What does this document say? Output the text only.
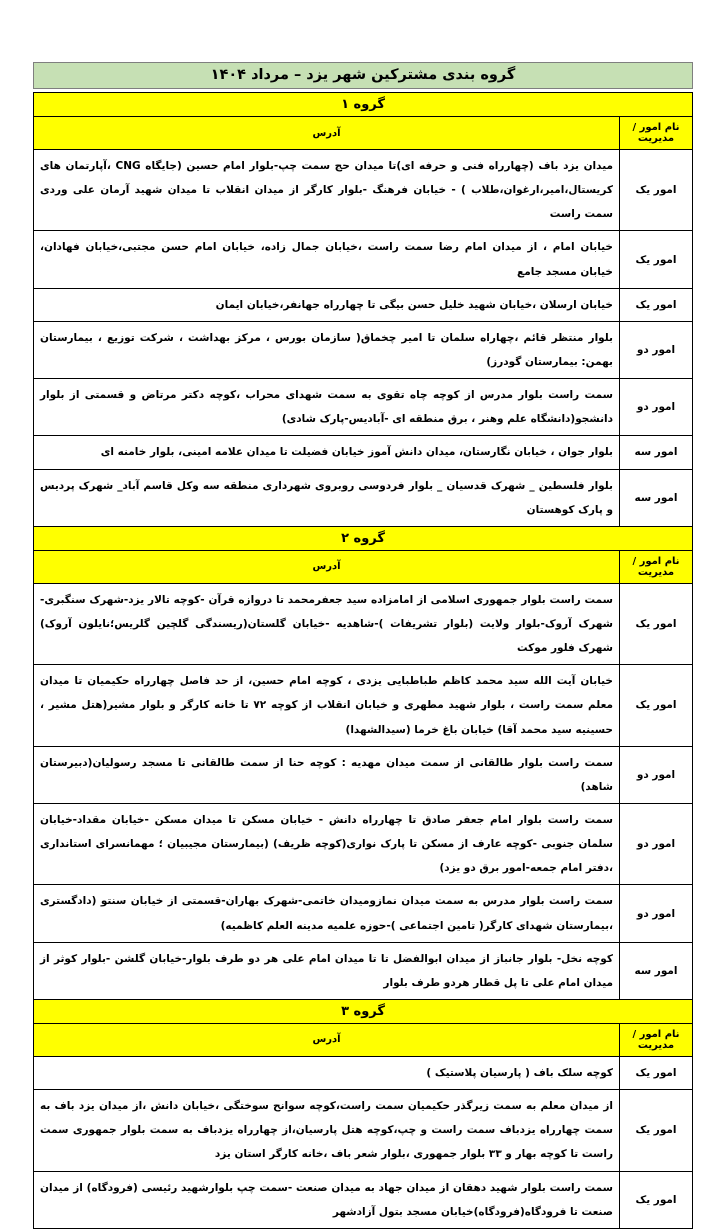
گروه بندی مشترکین شهر یزد – مرداد ۱۴۰۴
گروه ۱	
نام امور /مدیریت	آدرس
امور یک	میدان یزد باف (چهارراه فنی و حرفه ای)تا میدان حج سمت چپ-بلوار امام حسین (جایگاه CNG ،آپارتمان های کریستال،امیر،ارغوان،طلاب ) - خیابان فرهنگ -بلوار کارگر از میدان انقلاب تا میدان شهید آرمان علی وردی سمت راست
امور یک	خیابان امام ، از میدان امام رضا سمت راست ،خیابان جمال زاده، خیابان امام حسن مجتبی،خیابان فهادان، خیابان مسجد جامع
امور یک	خیابان ارسلان ،خیابان شهید خلیل حسن بیگی تا چهارراه جهانفر،خیابان ایمان
امور دو	بلوار منتظر قائم ،چهاراه سلمان تا امیر چخماق( سازمان بورس ، مرکز بهداشت ، شرکت توزیع ، بیمارستان بهمن: بیمارستان گودرز)
امور دو	سمت راست بلوار مدرس از کوچه چاه تقوی به سمت شهدای محراب ،کوچه دکتر مرتاض و قسمتی از بلوار دانشجو(دانشگاه علم وهنر ، برق منطقه ای -آبادیس-پارک شادی)
امور سه	بلوار جوان ، خیابان نگارستان، میدان دانش آموز خیابان فضیلت تا میدان علامه امینی، بلوار خامنه ای
امور سه	بلوار فلسطین _ شهرک قدسیان _ بلوار فردوسی روبروی شهرداری منطقه سه وکل قاسم آباد_ شهرک پردیس و پارک کوهستان
گروه ۲	
نام امور /مدیریت	آدرس
امور یک	سمت راست بلوار جمهوری اسلامی از امامزاده سید جعفرمحمد تا دروازه قرآن -کوچه تالار یزد-شهرک سنگبری-شهرک آروک-بلوار ولایت (بلوار تشریفات )-شاهدیه -خیابان گلستان(ریسندگی گلچین گلریس؛نایلون آروک) شهرک فلور موکت
امور یک	خیابان آیت الله سید محمد کاظم طباطبایی یزدی ، کوچه امام حسین، از حد فاصل چهارراه حکیمیان تا میدان معلم سمت راست ، بلوار شهید مطهری و خیابان انقلاب از کوچه ۷۲ تا خانه کارگر و بلوار مشیر(هتل مشیر ، حسینیه سید محمد آقا) خیابان باغ خرما (سیدالشهدا)
امور دو	سمت راست بلوار طالقانی از سمت میدان مهدیه : کوچه حنا از سمت طالقانی تا مسجد رسولیان(دبیرستان شاهد)
امور دو	سمت راست بلوار امام جعفر صادق تا چهارراه دانش - خیابان مسکن تا میدان مسکن -خیابان مقداد-خیابان سلمان جنوبی -کوچه عارف از مسکن تا پارک نواری(کوچه ظریف) (بیمارستان مجیبیان ؛ مهمانسرای استانداری ،دفتر امام جمعه-امور برق دو یزد)
امور دو	سمت راست بلوار مدرس به سمت میدان نمازومیدان خاتمی-شهرک بهاران-قسمتی از خیابان سنتو (دادگستری ،بیمارستان شهدای کارگر( تامین اجتماعی )-حوزه علمیه مدینه العلم کاظمیه)
امور سه	کوچه نخل- بلوار جانباز از میدان ابوالفضل تا تا میدان امام علی هر دو طرف بلوار-خیابان گلشن -بلوار کوثر از میدان امام علی تا پل قطار هردو طرف بلوار
گروه ۳	
نام امور /مدیریت	آدرس
امور یک	کوچه سلک باف ( پارسیان پلاستیک )
امور یک	از میدان معلم به سمت زیرگذر حکیمیان سمت راست،کوچه سوانح سوختگی ،خیابان دانش ،از میدان یزد باف به سمت چهارراه یزدباف سمت راست و چپ،کوچه هتل پارسیان،از چهارراه یزدباف به سمت بلوار جمهوری سمت راست تا کوچه بهار و ۳۳ بلوار جمهوری ،بلوار شعر باف ،خانه کارگر استان یزد
امور یک	سمت راست بلوار شهید دهقان از میدان جهاد به میدان صنعت -سمت چپ بلوارشهید رئیسی (فرودگاه) از میدان صنعت تا فرودگاه(فرودگاه)خیابان مسجد بتول آزادشهر
